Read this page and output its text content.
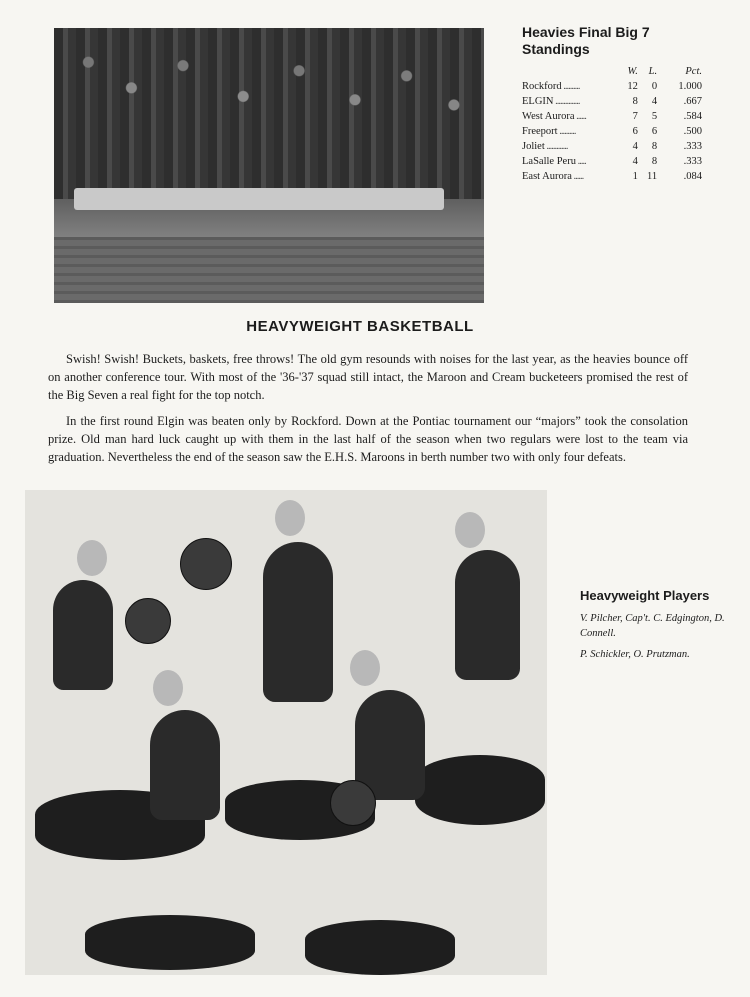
Heavies Final Big 7
Standings
	W.	L.	Pct.
Rockford ..........	12	0	1.000
ELGIN ...............	8	4	.667
West Aurora ......	7	5	.584
Freeport ..........	6	6	.500
Joliet .............	4	8	.333
LaSalle Peru .....	4	8	.333
East Aurora ......	1	11	.084
HEAVYWEIGHT BASKETBALL

Swish! Swish! Buckets, baskets, free throws! The old gym resounds with noises for the last year, as the heavies bounce off on another conference tour. With most of the '36-'37 squad still intact, the Maroon and Cream bucketeers promised the rest of the Big Seven a real fight for the top notch.

In the first round Elgin was beaten only by Rockford. Down at the Pontiac tournament our “majors” took the consolation prize. Old man hard luck caught up with them in the last half of the season when two regulars were lost to the team via graduation. Nevertheless the end of the season saw the E.H.S. Maroons in berth number two with only four defeats.

Heavyweight Players

V. Pilcher, Cap't. C. Edgington, D. Connell.

P. Schickler, O. Prutzman.
